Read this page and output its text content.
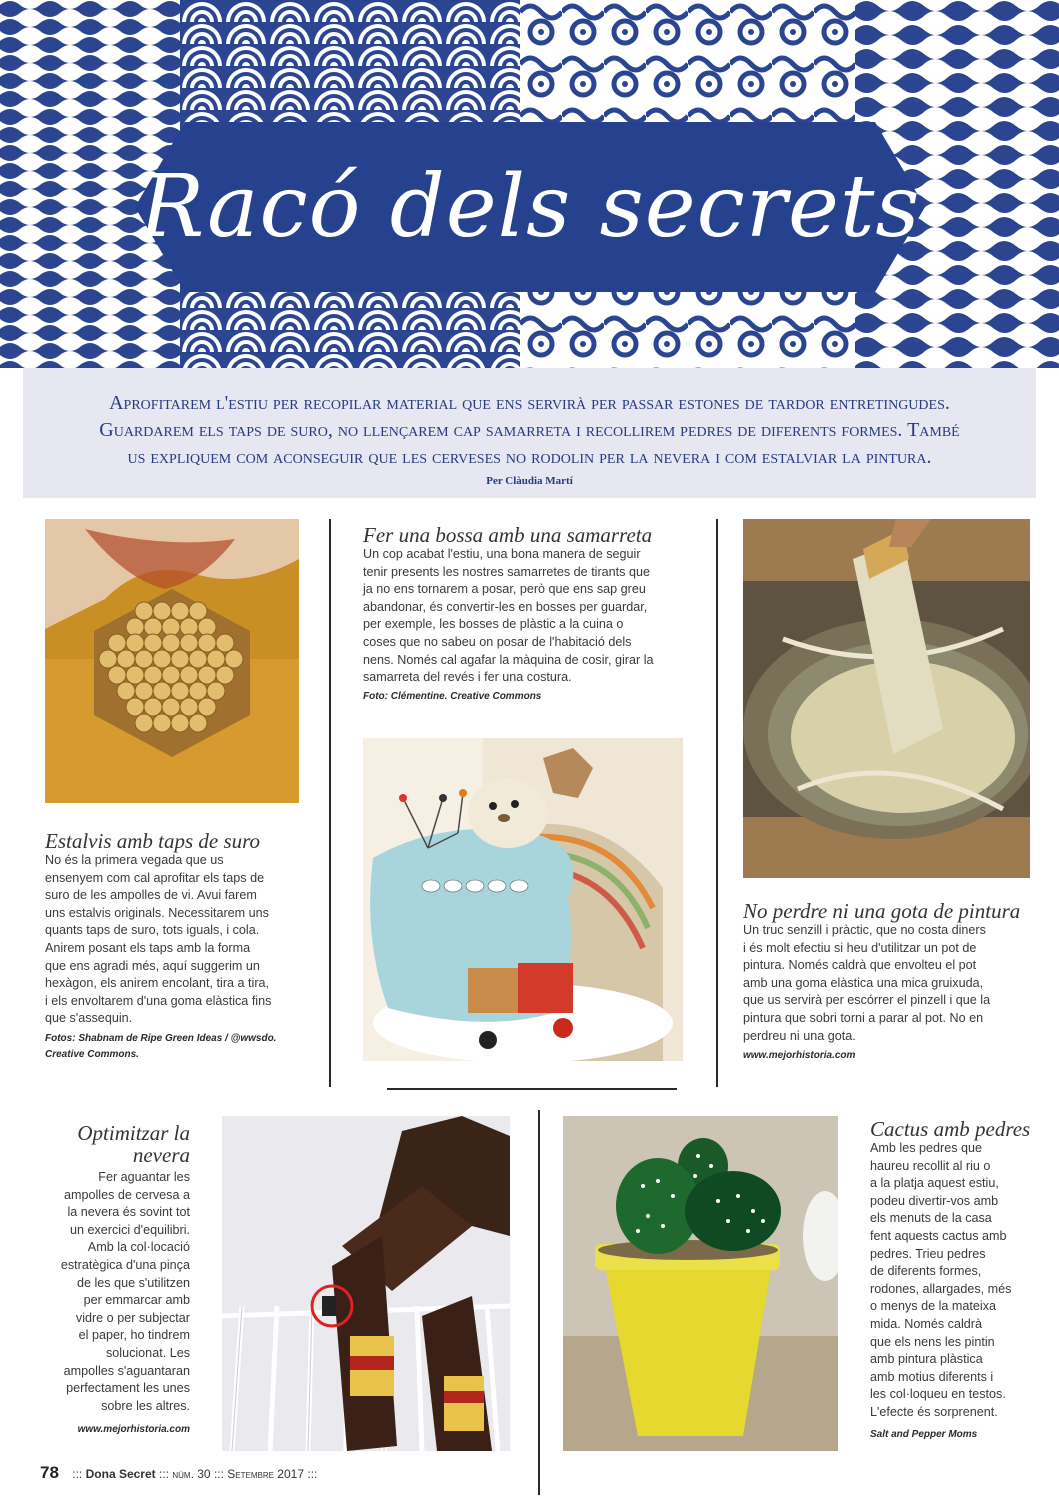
Racó dels secrets
Aprofitarem l'estiu per recopilar material que ens servirà per passar estones de tardor entretingudes.
Guardarem els taps de suro, no llençarem cap samarreta i recollirem pedres de diferents formes. També
us expliquem com aconseguir que les cerveses no rodolin per la nevera i com estalviar la pintura.
Per Clàudia Martí
Estalvis amb taps de suro
No és la primera vegada que us
ensenyem com cal aprofitar els taps de
suro de les ampolles de vi. Avui farem
uns estalvis originals. Necessitarem uns
quants taps de suro, tots iguals, i cola.
Anirem posant els taps amb la forma
que ens agradi més, aquí suggerim un
hexàgon, els anirem encolant, tira a tira,
i els envoltarem d'una goma elàstica fins
que s'assequin.
Fotos: Shabnam de Ripe Green Ideas / @wwsdo.
Creative Commons.
Fer una bossa amb una samarreta
Un cop acabat l'estiu, una bona manera de seguir
tenir presents les nostres samarretes de tirants que
ja no ens tornarem a posar, però que ens sap greu
abandonar, és convertir-les en bosses per guardar,
per exemple, les bosses de plàstic a la cuina o
coses que no sabeu on posar de l'habitació dels
nens. Només cal agafar la màquina de cosir, girar la
samarreta del revés i fer una costura.
Foto: Clémentine. Creative Commons
No perdre ni una gota de pintura
Un truc senzill i pràctic, que no costa diners
i és molt efectiu si heu d'utilitzar un pot de
pintura. Només caldrà que envolteu el pot
amb una goma elàstica una mica gruixuda,
que us servirà per escórrer el pinzell i que la
pintura que sobri torni a parar al pot. No en
perdreu ni una gota.
www.mejorhistoria.com
Optimitzar la
nevera
Fer aguantar les
ampolles de cervesa a
la nevera és sovint tot
un exercici d'equilibri.
Amb la col·locació
estratègica d'una pinça
de les que s'utilitzen
per emmarcar amb
vidre o per subjectar
el paper, ho tindrem
solucionat. Les
ampolles s'aguantaran
perfectament les unes
sobre les altres.
www.mejorhistoria.com
Cactus amb pedres
Amb les pedres que
haureu recollit al riu o
a la platja aquest estiu,
podeu divertir-vos amb
els menuts de la casa
fent aquests cactus amb
pedres. Trieu pedres
de diferents formes,
rodones, allargades, més
o menys de la mateixa
mida. Només caldrà
que els nens les pintin
amb pintura plàstica
amb motius diferents i
les col·loqueu en testos.
L'efecte és sorprenent.
Salt and Pepper Moms
78 ::: Dona Secret ::: núm. 30 ::: Setembre 2017 :::
